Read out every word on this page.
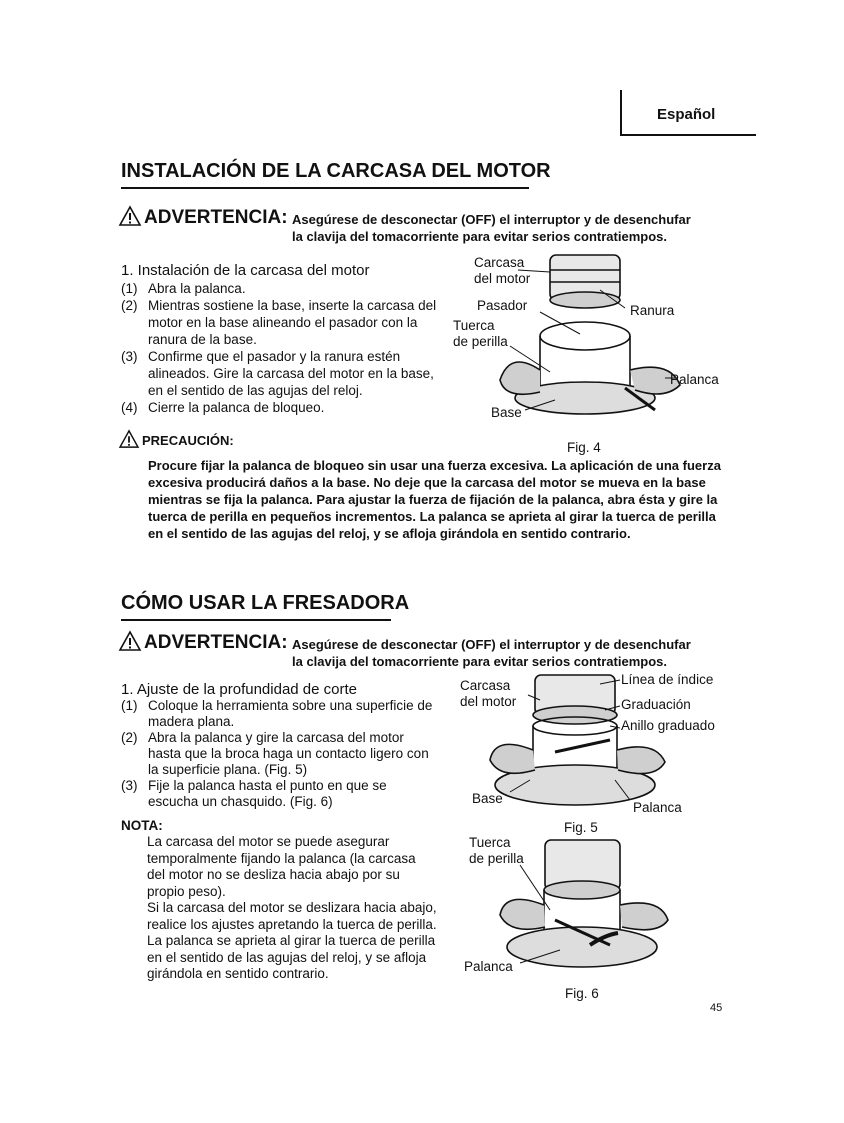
Español
INSTALACIÓN DE LA CARCASA DEL MOTOR
ADVERTENCIA: Asegúrese de desconectar (OFF) el interruptor y de desenchufar
la clavija del tomacorriente para evitar serios contratiempos.
1. Instalación de la carcasa del motor
(1) Abra la palanca.
(2) Mientras sostiene la base, inserte la carcasa del motor en la base alineando el pasador con la ranura de la base.
(3) Confirme que el pasador y la ranura estén alineados. Gire la carcasa del motor en la base, en el sentido de las agujas del reloj.
(4) Cierre la palanca de bloqueo.
Carcasa
del motor
Ranura
Pasador
Tuerca
de perilla
Palanca
Base
Fig. 4
PRECAUCIÓN:
Procure fijar la palanca de bloqueo sin usar una fuerza excesiva. La aplicación de una fuerza excesiva producirá daños a la base. No deje que la carcasa del motor se mueva en la base mientras se fija la palanca. Para ajustar la fuerza de fijación de la palanca, abra ésta y gire la tuerca de perilla en pequeños incrementos. La palanca se aprieta al girar la tuerca de perilla en el sentido de las agujas del reloj, y se afloja girándola en sentido contrario.
CÓMO USAR LA FRESADORA
ADVERTENCIA: Asegúrese de desconectar (OFF) el interruptor y de desenchufar
la clavija del tomacorriente para evitar serios contratiempos.
1. Ajuste de la profundidad de corte
(1) Coloque la herramienta sobre una superficie de madera plana.
(2) Abra la palanca y gire la carcasa del motor hasta que la broca haga un contacto ligero con la superficie plana. (Fig. 5)
(3) Fije la palanca hasta el punto en que se escucha un chasquido. (Fig. 6)
NOTA:
La carcasa del motor se puede asegurar temporalmente fijando la palanca (la carcasa del motor no se desliza hacia abajo por su propio peso).
Si la carcasa del motor se deslizara hacia abajo, realice los ajustes apretando la tuerca de perilla.
La palanca se aprieta al girar la tuerca de perilla en el sentido de las agujas del reloj, y se afloja girándola en sentido contrario.
Carcasa
del motor
Línea de índice
Graduación
Anillo graduado
Base
Palanca
Fig. 5
Tuerca
de perilla
Palanca
Fig. 6
45
